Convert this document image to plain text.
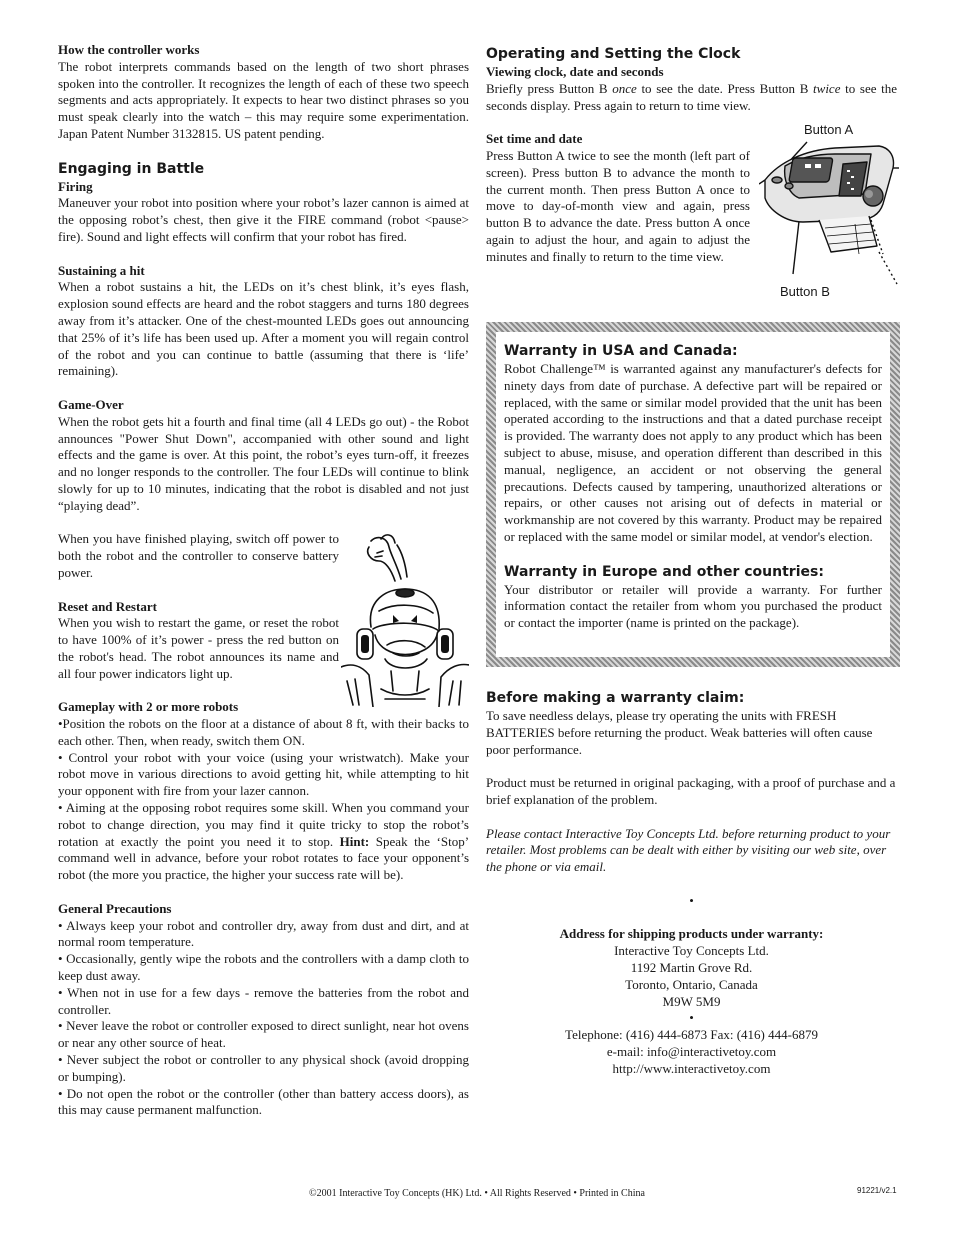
How the controller works

The robot interprets commands based on the length of two short phrases spoken into the controller. It recognizes the length of each of these two speech segments and acts appropriately. It expects to hear two distinct phrases so you must speak clearly into the watch – this may require some experimentation. Japan Patent Number 3132815. US patent pending.

Engaging in Battle
Firing

Maneuver your robot into position where your robot’s lazer cannon is aimed at the opposing robot’s chest, then give it the FIRE command (robot <pause> fire). Sound and light effects will confirm that your robot has fired.

Sustaining a hit

When a robot sustains a hit, the LEDs on it’s chest blink, it’s eyes flash, explosion sound effects are heard and the robot staggers and turns 180 degrees away from it’s attacker. One of the chest-mounted LEDs goes out announcing that 25% of it’s life has been used up. After a moment you will regain control of the robot and you can continue to battle (assuming that there is ‘life’ remaining).

Game-Over

When the robot gets hit a fourth and final time (all 4 LEDs go out) - the Robot announces "Power Shut Down", accompanied with other sound and light effects and the game is over. At this point, the robot’s eyes turn-off, it freezes and no longer responds to the controller. The four LEDs will continue to blink slowly for up to 10 minutes, indicating that the robot is disabled and not just “playing dead”.

When you have finished playing, switch off power to both the robot and the controller to conserve battery power.

Reset and Restart

When you wish to restart the game, or reset the robot to have 100% of it’s power - press the red button on the robot's head. The robot announces its name and all four power indicators light up.

Gameplay with 2 or more robots

•Position the robots on the floor at a distance of about 8 ft, with their backs to each other. Then, when ready, switch them ON.

• Control your robot with your voice (using your wristwatch). Make your robot move in various directions to avoid getting hit, while attempting to hit your opponent with fire from your lazer cannon.

• Aiming at the opposing robot requires some skill. When you command your robot to change direction, you may find it quite tricky to stop the robot’s rotation at exactly the point you need it to stop. Hint: Speak the ‘Stop’ command well in advance, before your robot rotates to face your opponent’s robot (the more you practice, the higher your success rate will be).

General Precautions

• Always keep your robot and controller dry, away from dust and dirt, and at normal room temperature.

• Occasionally, gently wipe the robots and the controllers with a damp cloth to keep dust away.

• When not in use for a few days - remove the batteries from the robot and controller.

• Never leave the robot or controller exposed to direct sunlight, near hot ovens or near any other source of heat.

• Never subject the robot or controller to any physical shock (avoid dropping or bumping).

• Do not open the robot or the controller (other than battery access doors), as this may cause permanent malfunction.

Operating and Setting the Clock
Viewing clock, date and seconds

Briefly press Button B once to see the date. Press Button B twice to see the seconds display. Press again to return to time view.

Set time and date

Press Button A twice to see the month (left part of screen). Press button B to advance the month to the current month. Then press Button A once to move to day-of-month view and again, press button B to advance the date. Press button A once again to adjust the hour, and again to adjust the minutes and finally to return to the time view.

Button A
Button B
Warranty in USA and Canada:

Robot Challenge™ is warranted against any manufacturer's defects for ninety days from date of purchase. A defective part will be repaired or replaced, with the same or similar model provided that the unit has been operated according to the instructions and that a dated purchase receipt is provided. The warranty does not apply to any product which has been subject to abuse, misuse, and operation different than described in this manual, negligence, an accident or not observing the general precautions. Defects caused by tampering, unauthorized alterations or repairs, or other causes not arising out of defects in material or workmanship are not covered by this warranty. Product may be repaired or replaced with the same model or similar model, at vendor's election.

Warranty in Europe and other countries:

Your distributor or retailer will provide a warranty. For further information contact the retailer from whom you purchased the product or contact the importer (name is printed on the package).

Before making a warranty claim:

To save needless delays, please try operating the units with FRESH BATTERIES before returning the product. Weak batteries will often cause poor performance.

Product must be returned in original packaging, with a proof of purchase and a brief explanation of the problem.

Please contact Interactive Toy Concepts Ltd. before returning product to your retailer. Most problems can be dealt with either by visiting our web site, over the phone or via email.

•

Address for shipping products under warranty:

Interactive Toy Concepts Ltd.

1192 Martin Grove Rd.

Toronto, Ontario, Canada

M9W 5M9

•

Telephone: (416) 444-6873 Fax: (416) 444-6879

e-mail: info@interactivetoy.com

http://www.interactivetoy.com

©2001 Interactive Toy Concepts (HK) Ltd. • All Rights Reserved • Printed in China	91221/v2.1
